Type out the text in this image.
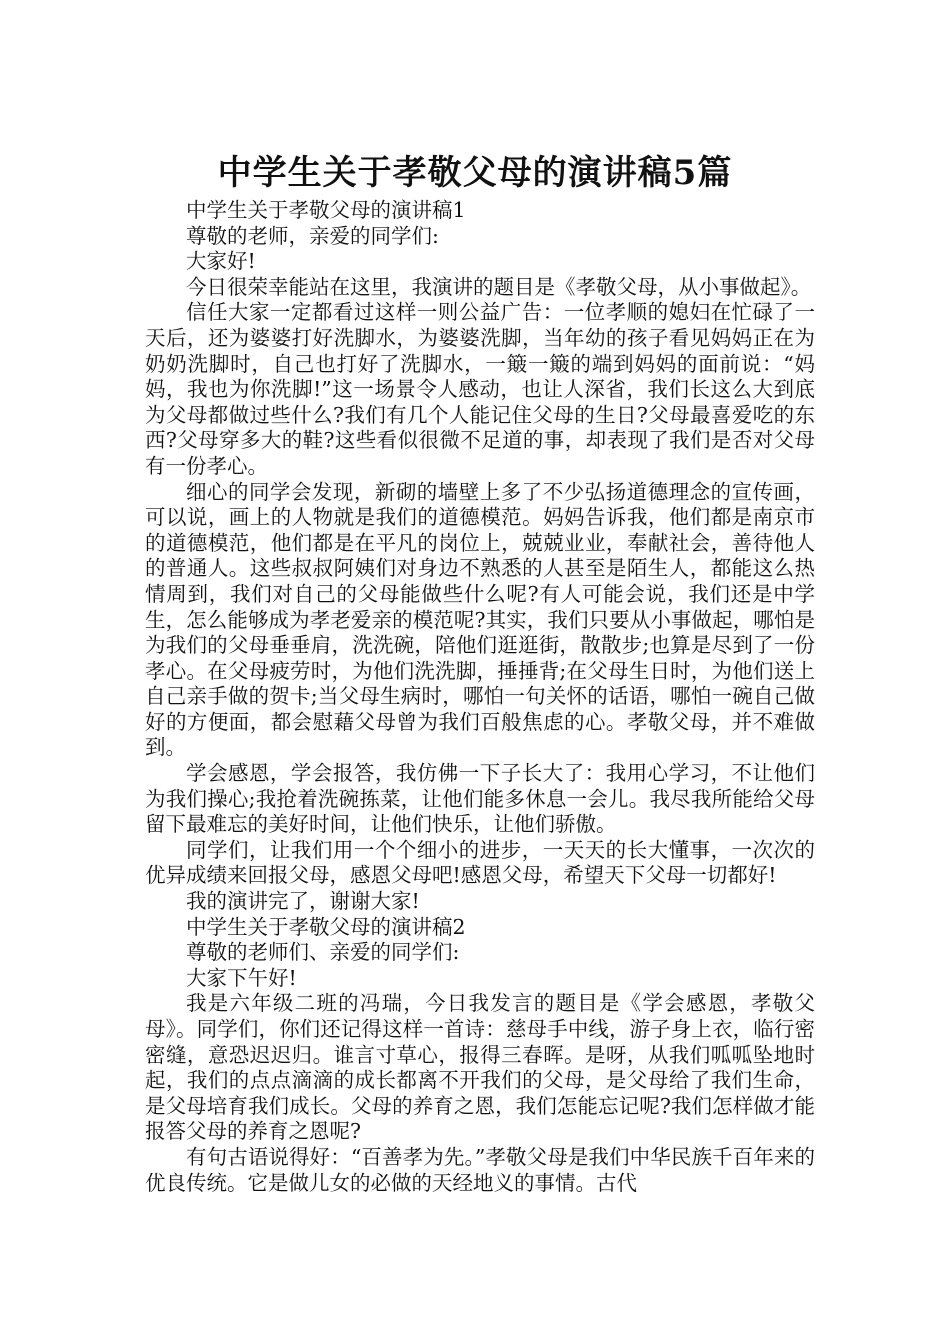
中学生关于孝敬父母的演讲稿5篇

中学生关于孝敬父母的演讲稿1

尊敬的老师，亲爱的同学们:

大家好!

今日很荣幸能站在这里，我演讲的题目是《孝敬父母，从小事做起》。

信任大家一定都看过这样一则公益广告：一位孝顺的媳妇在忙碌了一天后，还为婆婆打好洗脚水，为婆婆洗脚，当年幼的孩子看见妈妈正在为奶奶洗脚时，自己也打好了洗脚水，一簸一簸的端到妈妈的面前说：“妈妈，我也为你洗脚!”这一场景令人感动，也让人深省，我们长这么大到底为父母都做过些什么?我们有几个人能记住父母的生日?父母最喜爱吃的东西?父母穿多大的鞋?这些看似很微不足道的事，却表现了我们是否对父母有一份孝心。

细心的同学会发现，新砌的墙壁上多了不少弘扬道德理念的宣传画，可以说，画上的人物就是我们的道德模范。妈妈告诉我，他们都是南京市的道德模范，他们都是在平凡的岗位上，兢兢业业，奉献社会，善待他人的普通人。这些叔叔阿姨们对身边不熟悉的人甚至是陌生人，都能这么热情周到，我们对自己的父母能做些什么呢?有人可能会说，我们还是中学生，怎么能够成为孝老爱亲的模范呢?其实，我们只要从小事做起，哪怕是为我们的父母垂垂肩，洗洗碗，陪他们逛逛街，散散步;也算是尽到了一份孝心。在父母疲劳时，为他们洗洗脚，捶捶背;在父母生日时，为他们送上自己亲手做的贺卡;当父母生病时，哪怕一句关怀的话语，哪怕一碗自己做好的方便面，都会慰藉父母曾为我们百般焦虑的心。孝敬父母，并不难做到。

学会感恩，学会报答，我仿佛一下子长大了：我用心学习，不让他们为我们操心;我抢着洗碗拣菜，让他们能多休息一会儿。我尽我所能给父母留下最难忘的美好时间，让他们快乐，让他们骄傲。

同学们，让我们用一个个细小的进步，一天天的长大懂事，一次次的优异成绩来回报父母，感恩父母吧!感恩父母，希望天下父母一切都好!

我的演讲完了，谢谢大家!

中学生关于孝敬父母的演讲稿2

尊敬的老师们、亲爱的同学们:

大家下午好!

我是六年级二班的冯瑞，今日我发言的题目是《学会感恩，孝敬父母》。同学们，你们还记得这样一首诗：慈母手中线，游子身上衣，临行密密缝，意恐迟迟归。谁言寸草心，报得三春晖。是呀，从我们呱呱坠地时起，我们的点点滴滴的成长都离不开我们的父母，是父母给了我们生命，是父母培育我们成长。父母的养育之恩，我们怎能忘记呢?我们怎样做才能报答父母的养育之恩呢?

有句古语说得好：“百善孝为先。”孝敬父母是我们中华民族千百年来的优良传统。它是做儿女的必做的天经地义的事情。古代
